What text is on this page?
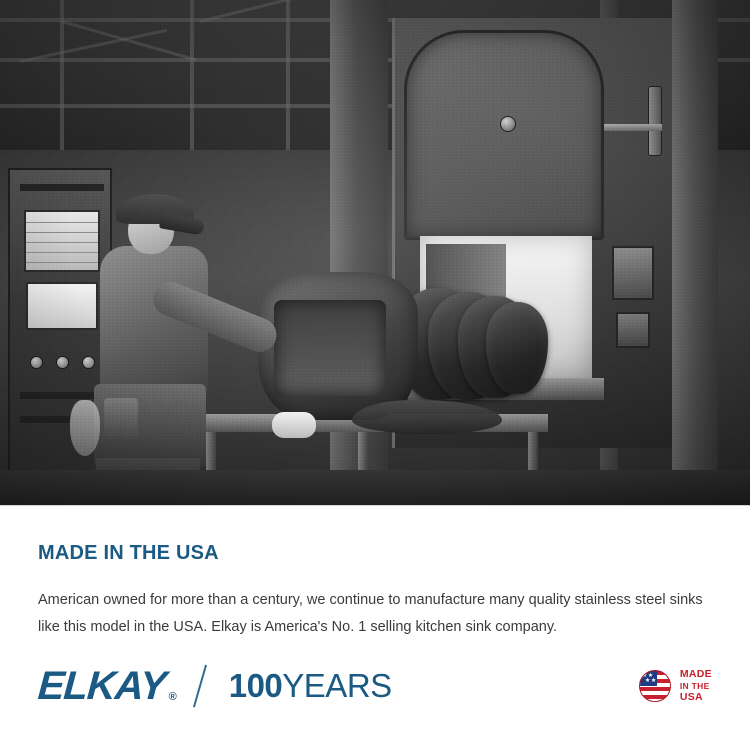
MADE IN THE USA

American owned for more than a century, we continue to manufacture many quality stainless steel sinks like this model in the USA. Elkay is America's No. 1 selling kitchen sink company.

ELKAY ® 100 YEARS	★ ★
★ ★
MADE
IN THE
USA
